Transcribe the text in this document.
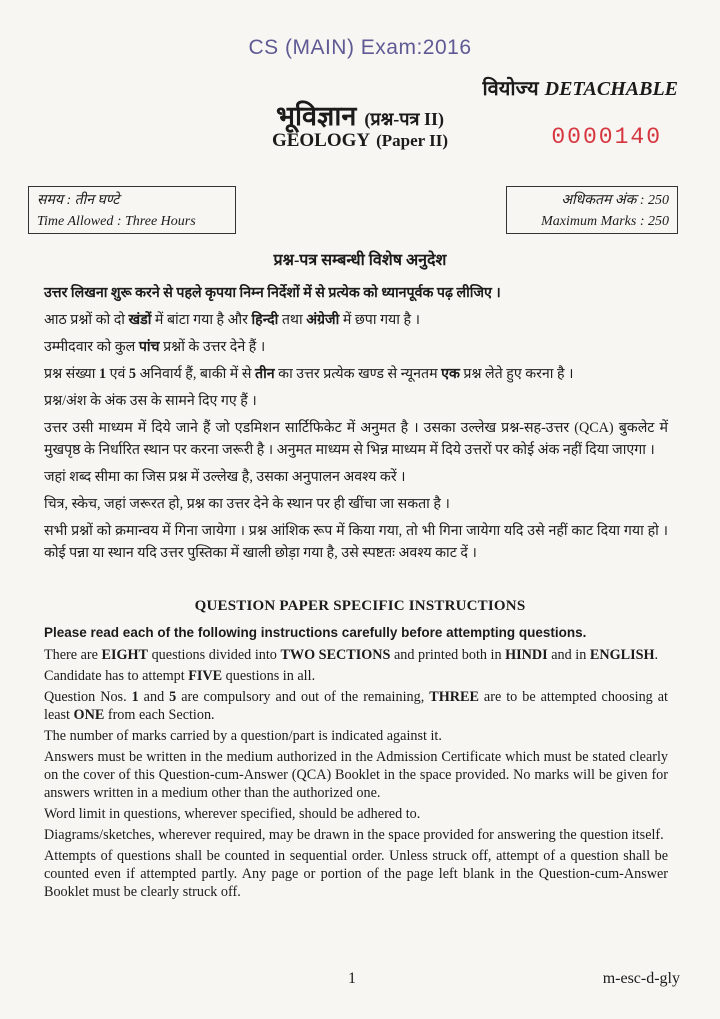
CS (MAIN) Exam:2016
वियोज्य DETACHABLE
भूविज्ञान (प्रश्न-पत्र II)
GEOLOGY (Paper II)	0000140
समय : तीन घण्टे
Time Allowed : Three Hours
अधिकतम अंक : 250
Maximum Marks : 250
प्रश्न-पत्र सम्बन्धी विशेष अनुदेश

उत्तर लिखना शुरू करने से पहले कृपया निम्न निर्देशों में से प्रत्येक को ध्यानपूर्वक पढ़ लीजिए ।

आठ प्रश्नों को दो खंडों में बांटा गया है और हिन्दी तथा अंग्रेजी में छपा गया है ।

उम्मीदवार को कुल पांच प्रश्नों के उत्तर देने हैं ।

प्रश्न संख्या 1 एवं 5 अनिवार्य हैं, बाकी में से तीन का उत्तर प्रत्येक खण्ड से न्यूनतम एक प्रश्न लेते हुए करना है ।

प्रश्न/अंश के अंक उस के सामने दिए गए हैं ।

उत्तर उसी माध्यम में दिये जाने हैं जो एडमिशन सार्टिफिकेट में अनुमत है । उसका उल्लेख प्रश्न-सह-उत्तर (QCA) बुकलेट में मुखपृष्ठ के निर्धारित स्थान पर करना जरूरी है । अनुमत माध्यम से भिन्न माध्यम में दिये उत्तरों पर कोई अंक नहीं दिया जाएगा ।

जहां शब्द सीमा का जिस प्रश्न में उल्लेख है, उसका अनुपालन अवश्य करें ।

चित्र, स्केच, जहां जरूरत हो, प्रश्न का उत्तर देने के स्थान पर ही खींचा जा सकता है ।

सभी प्रश्नों को क्रमान्वय में गिना जायेगा । प्रश्न आंशिक रूप में किया गया, तो भी गिना जायेगा यदि उसे नहीं काट दिया गया हो । कोई पन्ना या स्थान यदि उत्तर पुस्तिका में खाली छोड़ा गया है, उसे स्पष्टतः अवश्य काट दें ।

QUESTION PAPER SPECIFIC INSTRUCTIONS

Please read each of the following instructions carefully before attempting questions.

There are EIGHT questions divided into TWO SECTIONS and printed both in HINDI and in ENGLISH.

Candidate has to attempt FIVE questions in all.

Question Nos. 1 and 5 are compulsory and out of the remaining, THREE are to be attempted choosing at least ONE from each Section.

The number of marks carried by a question/part is indicated against it.

Answers must be written in the medium authorized in the Admission Certificate which must be stated clearly on the cover of this Question-cum-Answer (QCA) Booklet in the space provided. No marks will be given for answers written in a medium other than the authorized one.

Word limit in questions, wherever specified, should be adhered to.

Diagrams/sketches, wherever required, may be drawn in the space provided for answering the question itself.

Attempts of questions shall be counted in sequential order. Unless struck off, attempt of a question shall be counted even if attempted partly. Any page or portion of the page left blank in the Question-cum-Answer Booklet must be clearly struck off.

1	m-esc-d-gly
